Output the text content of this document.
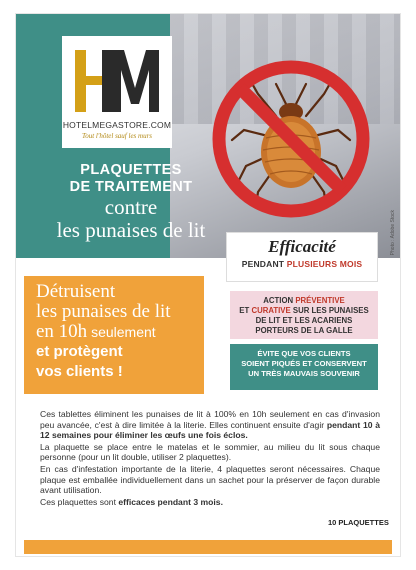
HOTELMEGASTORE.COM
Tout l'hôtel sauf les murs
PLAQUETTES
DE TRAITEMENT
contre
les punaises de lit	Photo : Adobe Stock
Efficacité
PENDANT PLUSIEURS MOIS
Détruisent
les punaises de lit
en 10h seulement
et protègent
vos clients !
ACTION PRÉVENTIVE
ET CURATIVE SUR LES PUNAISES
DE LIT ET LES ACARIENS
PORTEURS DE LA GALLE
ÉVITE QUE VOS CLIENTS
SOIENT PIQUÉS ET CONSERVENT
UN TRÈS MAUVAIS SOUVENIR

Ces tablettes éliminent les punaises de lit à 100% en 10h seulement en cas d'invasion peu avancée, c'est à dire limitée à la literie. Elles continuent ensuite d'agir pendant 10 à 12 semaines pour éliminer les œufs une fois éclos.

La plaquette se place entre le matelas et le sommier, au milieu du lit sous chaque personne (pour un lit double, utiliser 2 plaquettes).

En cas d'infestation importante de la literie, 4 plaquettes seront nécessaires. Chaque plaque est emballée individuellement dans un sachet pour la préserver de façon durable avant utilisation.

Ces plaquettes sont efficaces pendant 3 mois.

10 PLAQUETTES
